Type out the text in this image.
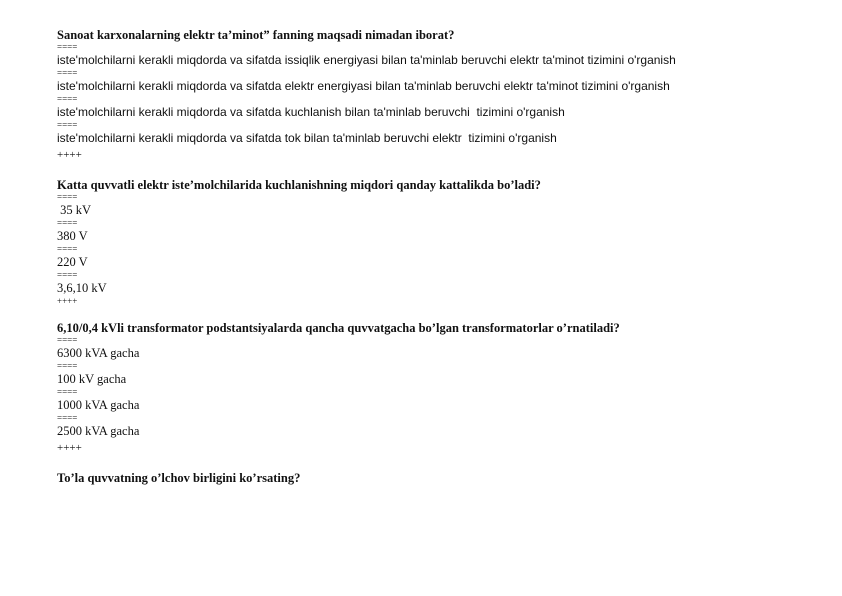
Sanoat karxonalarning elektr ta’minot” fanning maqsadi nimadan iborat?

====

iste'molchilarni kerakli miqdorda va sifatda issiqlik energiyasi bilan ta'minlab beruvchi elektr ta'minot tizimini o'rganish

====

iste'molchilarni kerakli miqdorda va sifatda elektr energiyasi bilan ta'minlab beruvchi elektr ta'minot tizimini o'rganish

====

iste'molchilarni kerakli miqdorda va sifatda kuchlanish bilan ta'minlab beruvchi  tizimini o'rganish

====

iste'molchilarni kerakli miqdorda va sifatda tok bilan ta'minlab beruvchi elektr  tizimini o'rganish

++++

Katta quvvatli elektr iste’molchilarida kuchlanishning miqdori qanday kattalikda bo’ladi?

====

35 kV

====

380 V

====

220 V

====

3,6,10 kV

++++

6,10/0,4 kVli transformator podstantsiyalarda qancha quvvatgacha bo’lgan transformatorlar o’rnatiladi?

====

6300 kVA gacha

====

100 kV gacha

====

1000 kVA gacha

====

2500 kVA gacha

++++

To’la quvvatning o’lchov birligini ko’rsating?
